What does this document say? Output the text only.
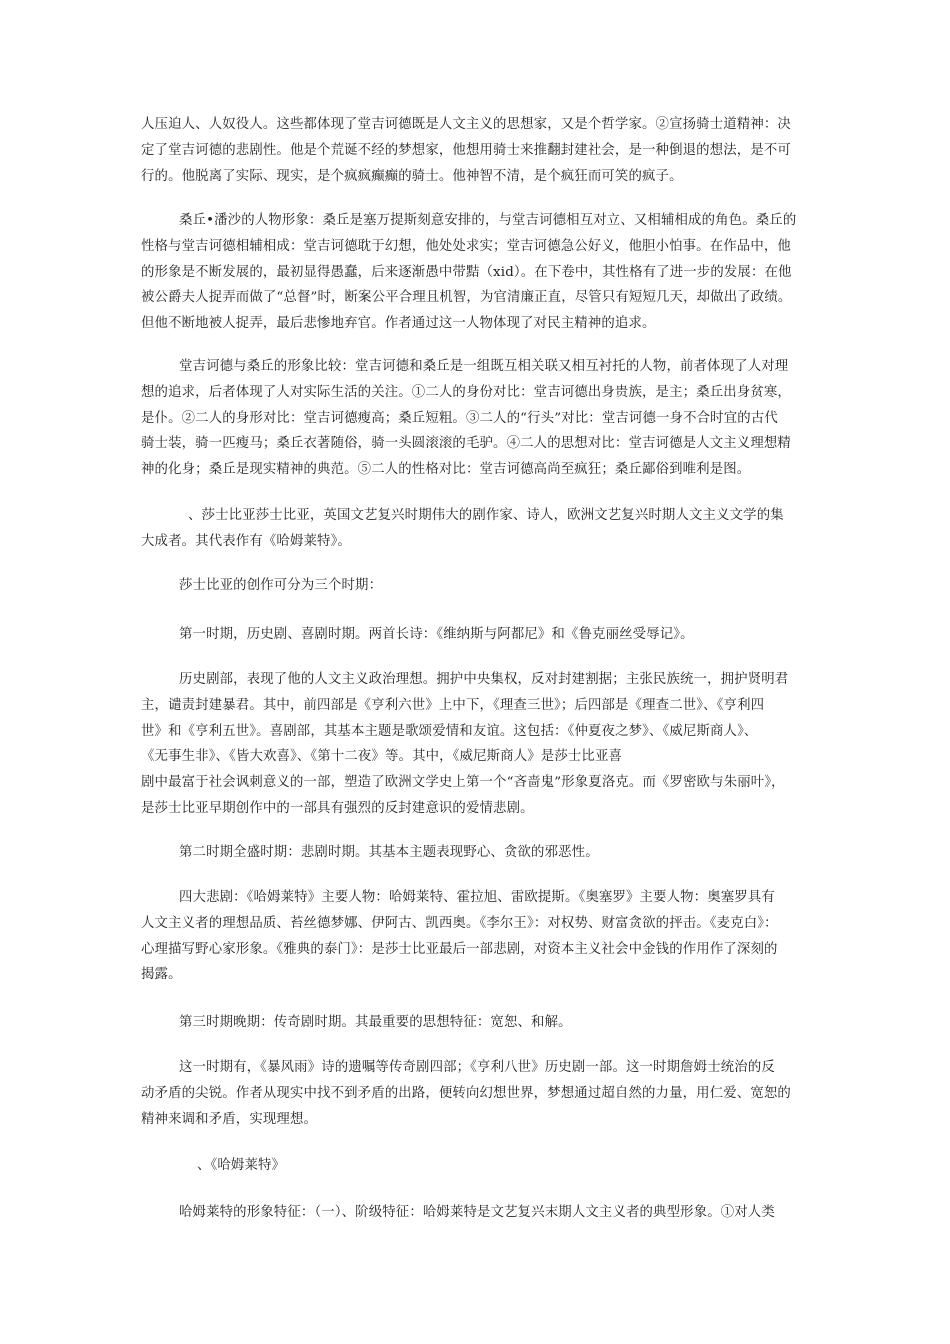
人压迫人、人奴役人。这些都体现了堂吉诃德既是人文主义的思想家，又是个哲学家。②宣扬骑士道精神：决
定了堂吉诃德的悲剧性。他是个荒诞不经的梦想家，他想用骑士来推翻封建社会，是一种倒退的想法，是不可
行的。他脱离了实际、现实，是个疯疯癫癫的骑士。他神智不清，是个疯狂而可笑的疯子。
桑丘•潘沙的人物形象：桑丘是塞万提斯刻意安排的，与堂吉诃德相互对立、又相辅相成的角色。桑丘的
性格与堂吉诃德相辅相成：堂吉诃德耽于幻想，他处处求实；堂吉诃德急公好义，他胆小怕事。在作品中，他
的形象是不断发展的，最初显得愚蠢，后来逐渐愚中带黠（xid）。在下卷中，其性格有了进一步的发展：在他
被公爵夫人捉弄而做了“总督”时，断案公平合理且机智，为官清廉正直，尽管只有短短几天，却做出了政绩。
但他不断地被人捉弄，最后悲惨地弃官。作者通过这一人物体现了对民主精神的追求。
堂吉诃德与桑丘的形象比较：堂吉诃德和桑丘是一组既互相关联又相互衬托的人物，前者体现了人对理
想的追求，后者体现了人对实际生活的关注。①二人的身份对比：堂吉诃德出身贵族，是主；桑丘出身贫寒，
是仆。②二人的身形对比：堂吉诃德瘦高；桑丘短粗。③二人的“行头”对比：堂吉诃德一身不合时宜的古代
骑士装，骑一匹瘦马；桑丘衣著随俗，骑一头圆滚滚的毛驴。④二人的思想对比：堂吉诃德是人文主义理想精
神的化身；桑丘是现实精神的典范。⑤二人的性格对比：堂吉诃德高尚至疯狂；桑丘鄙俗到唯利是图。
、莎士比亚莎士比亚，英国文艺复兴时期伟大的剧作家、诗人，欧洲文艺复兴时期人文主义文学的集
大成者。其代表作有《哈姆莱特》。
莎士比亚的创作可分为三个时期：
第一时期，历史剧、喜剧时期。两首长诗：《维纳斯与阿都尼》和《鲁克丽丝受辱记》。
历史剧部，表现了他的人文主义政治理想。拥护中央集权，反对封建割据；主张民族统一，拥护贤明君
主，谴责封建暴君。其中，前四部是《亨利六世》上中下，《理查三世》；后四部是《理查二世》、《亨利四
世》和《亨利五世》。喜剧部，其基本主题是歌颂爱情和友谊。这包括：《仲夏夜之梦》、《威尼斯商人》、
《无事生非》、《皆大欢喜》、《第十二夜》等。其中，《威尼斯商人》是莎士比亚喜
剧中最富于社会讽刺意义的一部，塑造了欧洲文学史上第一个“吝啬鬼”形象夏洛克。而《罗密欧与朱丽叶》，
是莎士比亚早期创作中的一部具有强烈的反封建意识的爱情悲剧。
第二时期全盛时期：悲剧时期。其基本主题表现野心、贪欲的邪恶性。
四大悲剧：《哈姆莱特》主要人物：哈姆莱特、霍拉旭、雷欧提斯。《奥塞罗》主要人物：奥塞罗具有
人文主义者的理想品质、苔丝德梦娜、伊阿古、凯西奥。《李尔王》：对权势、财富贪欲的抨击。《麦克白》：
心理描写野心家形象。《雅典的泰门》：是莎士比亚最后一部悲剧，对资本主义社会中金钱的作用作了深刻的
揭露。
第三时期晚期：传奇剧时期。其最重要的思想特征：宽恕、和解。
这一时期有，《暴风雨》诗的遗嘱等传奇剧四部；《亨利八世》历史剧一部。这一时期詹姆士统治的反
动矛盾的尖锐。作者从现实中找不到矛盾的出路，便转向幻想世界，梦想通过超自然的力量，用仁爱、宽恕的
精神来调和矛盾，实现理想。
、《哈姆莱特》
哈姆莱特的形象特征：（一）、阶级特征：哈姆莱特是文艺复兴末期人文主义者的典型形象。①对人类
